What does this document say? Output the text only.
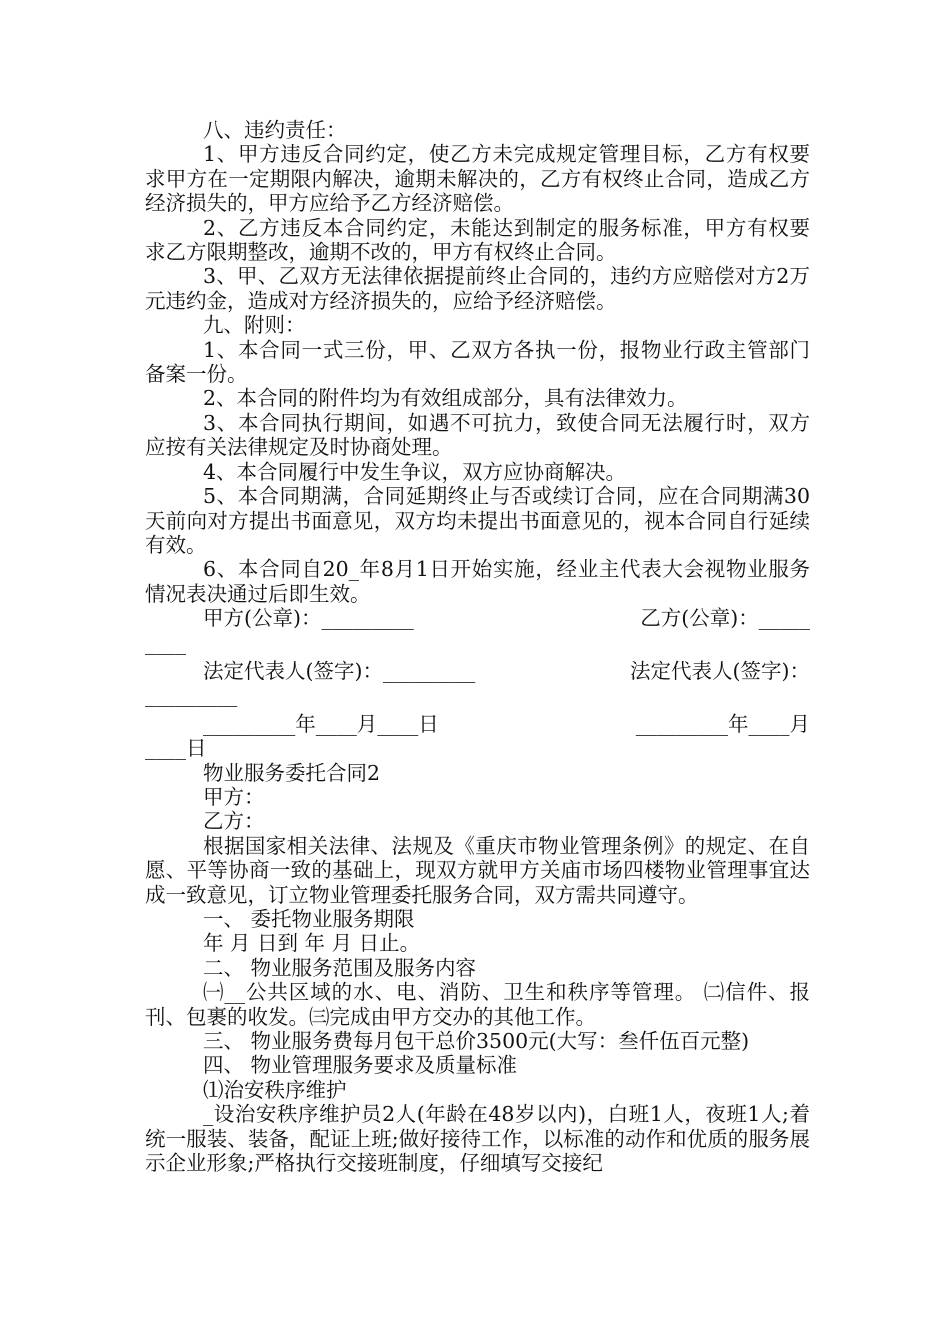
八、违约责任：

1、甲方违反合同约定，使乙方未完成规定管理目标，乙方有权要求甲方在一定期限内解决，逾期未解决的，乙方有权终止合同，造成乙方经济损失的，甲方应给予乙方经济赔偿。

2、乙方违反本合同约定，未能达到制定的服务标准，甲方有权要求乙方限期整改，逾期不改的，甲方有权终止合同。

3、甲、乙双方无法律依据提前终止合同的，违约方应赔偿对方2万元违约金，造成对方经济损失的，应给予经济赔偿。

九、附则：

1、本合同一式三份，甲、乙双方各执一份，报物业行政主管部门备案一份。

2、本合同的附件均为有效组成部分，具有法律效力。

3、本合同执行期间，如遇不可抗力，致使合同无法履行时，双方应按有关法律规定及时协商处理。

4、本合同履行中发生争议，双方应协商解决。

5、本合同期满，合同延期终止与否或续订合同，应在合同期满30天前向对方提出书面意见，双方均未提出书面意见的，视本合同自行延续有效。

6、本合同自20_年8月1日开始实施，经业主代表大会视物业服务情况表决通过后即生效。

甲方(公章)：_________	乙方(公章)：_____

____

法定代表人(签字)：_________	法定代表人(签字)：

_________

_________年____月____日	_________年____月

____日

物业服务委托合同2

甲方：

乙方：

根据国家相关法律、法规及《重庆市物业管理条例》的规定、在自愿、平等协商一致的基础上，现双方就甲方关庙市场四楼物业管理事宜达成一致意见，订立物业管理委托服务合同，双方需共同遵守。

一、 委托物业服务期限

年 月 日到 年 月 日止。

二、 物业服务范围及服务内容

㈠__公共区域的水、电、消防、卫生和秩序等管理。 ㈡信件、报刊、包裹的收发。㈢完成由甲方交办的其他工作。

三、 物业服务费每月包干总价3500元(大写：叁仟伍百元整)

四、 物业管理服务要求及质量标准

⑴治安秩序维护

_设治安秩序维护员2人(年龄在48岁以内)，白班1人，夜班1人;着统一服装、装备，配证上班;做好接待工作，以标准的动作和优质的服务展示企业形象;严格执行交接班制度，仔细填写交接纪
